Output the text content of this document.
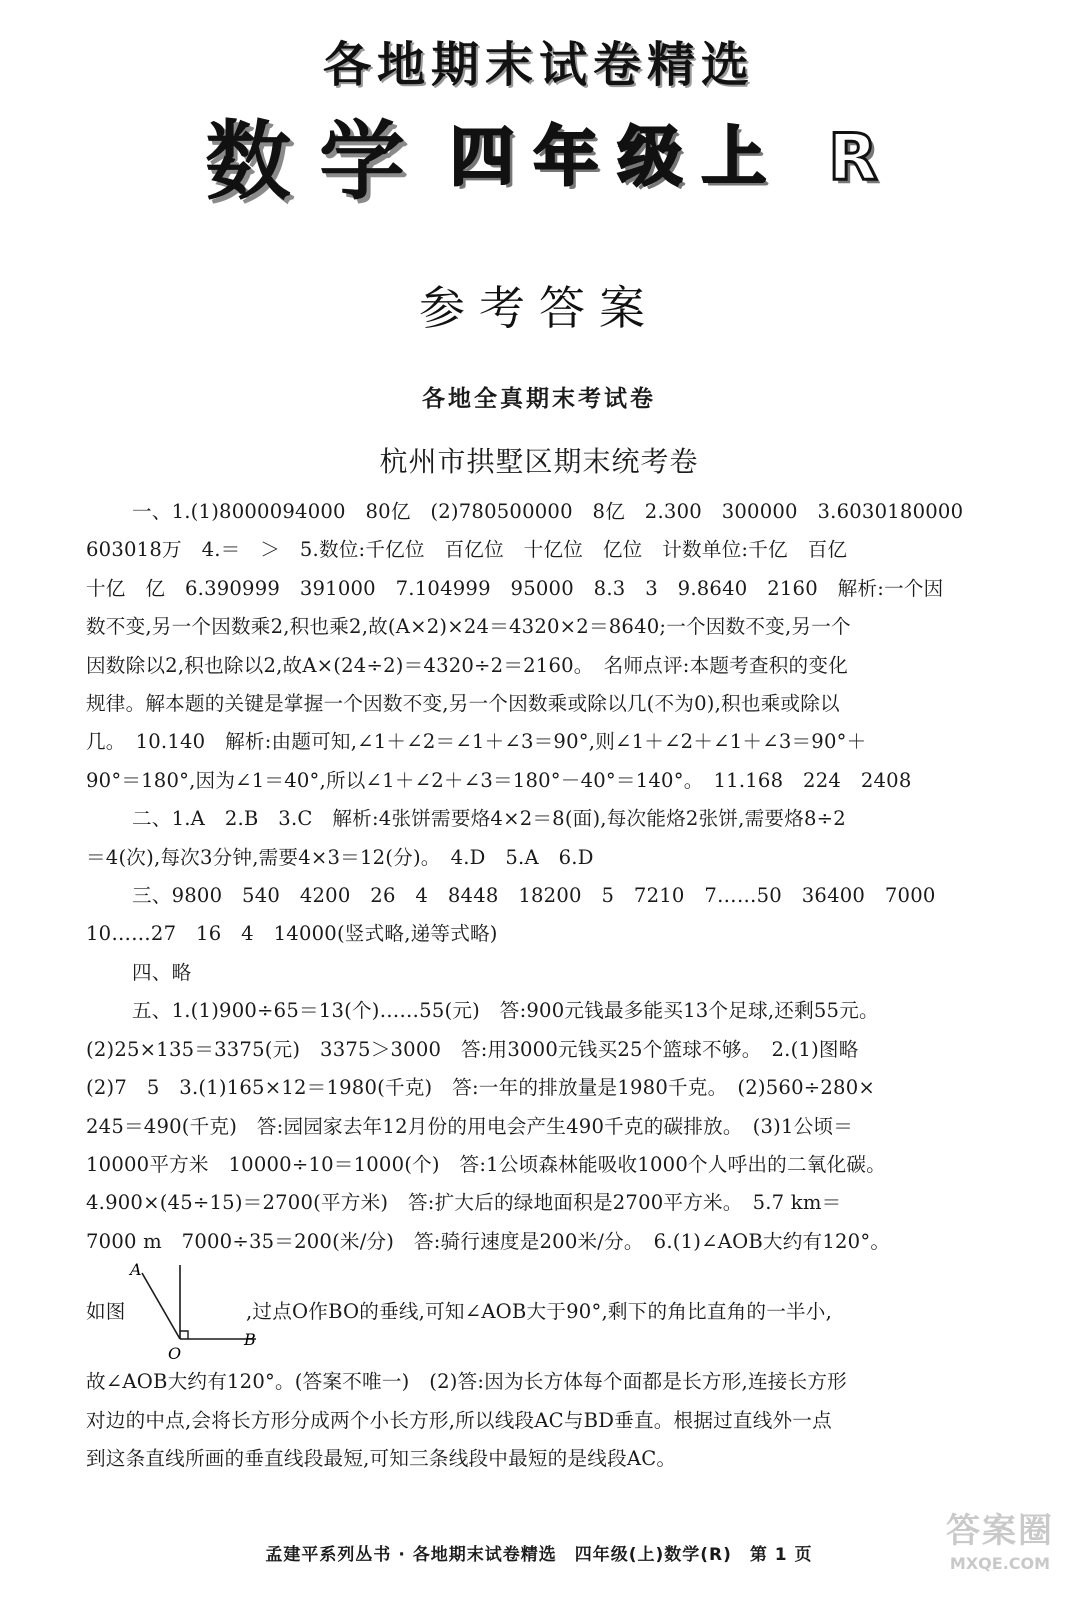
各地期末试卷精选
数学 四年级上 R
参考答案
各地全真期末考试卷
杭州市拱墅区期末统考卷

一、1.(1)8000094000　80亿　(2)780500000　8亿　2.300　300000　3.6030180000

603018万　4.＝　＞　5.数位:千亿位　百亿位　十亿位　亿位　计数单位:千亿　百亿

十亿　亿　6.390999　391000　7.104999　95000　8.3　3　9.8640　2160　解析:一个因

数不变,另一个因数乘2,积也乘2,故(A×2)×24＝4320×2＝8640;一个因数不变,另一个

因数除以2,积也除以2,故A×(24÷2)＝4320÷2＝2160。　名师点评:本题考查积的变化

规律。解本题的关键是掌握一个因数不变,另一个因数乘或除以几(不为0),积也乘或除以

几。　10.140　解析:由题可知,∠1＋∠2＝∠1＋∠3＝90°,则∠1＋∠2＋∠1＋∠3＝90°＋

90°＝180°,因为∠1＝40°,所以∠1＋∠2＋∠3＝180°－40°＝140°。　11.168　224　2408

二、1.A　2.B　3.C　解析:4张饼需要烙4×2＝8(面),每次能烙2张饼,需要烙8÷2

＝4(次),每次3分钟,需要4×3＝12(分)。　4.D　5.A　6.D

三、9800　540　4200　26　4　8448　18200　5　7210　7……50　36400　7000

10……27　16　4　14000(竖式略,递等式略)

四、略

五、1.(1)900÷65＝13(个)……55(元)　答:900元钱最多能买13个足球,还剩55元。

(2)25×135＝3375(元)　3375＞3000　答:用3000元钱买25个篮球不够。　2.(1)图略

(2)7　5　3.(1)165×12＝1980(千克)　答:一年的排放量是1980千克。　(2)560÷280×

245＝490(千克)　答:园园家去年12月份的用电会产生490千克的碳排放。　(3)1公顷＝

10000平方米　10000÷10＝1000(个)　答:1公顷森林能吸收1000个人呼出的二氧化碳。

4.900×(45÷15)＝2700(平方米)　答:扩大后的绿地面积是2700平方米。　5.7 km＝

7000 m　7000÷35＝200(米/分)　答:骑行速度是200米/分。　6.(1)∠AOB大约有120°。

如图
A
O
B
,过点O作BO的垂线,可知∠AOB大于90°,剩下的角比直角的一半小,

故∠AOB大约有120°。(答案不唯一)　(2)答:因为长方体每个面都是长方形,连接长方形

对边的中点,会将长方形分成两个小长方形,所以线段AC与BD垂直。根据过直线外一点

到这条直线所画的垂直线段最短,可知三条线段中最短的是线段AC。

孟建平系列丛书 · 各地期末试卷精选　四年级(上)数学(R)　第 1 页
答案圈
MXQE.COM
